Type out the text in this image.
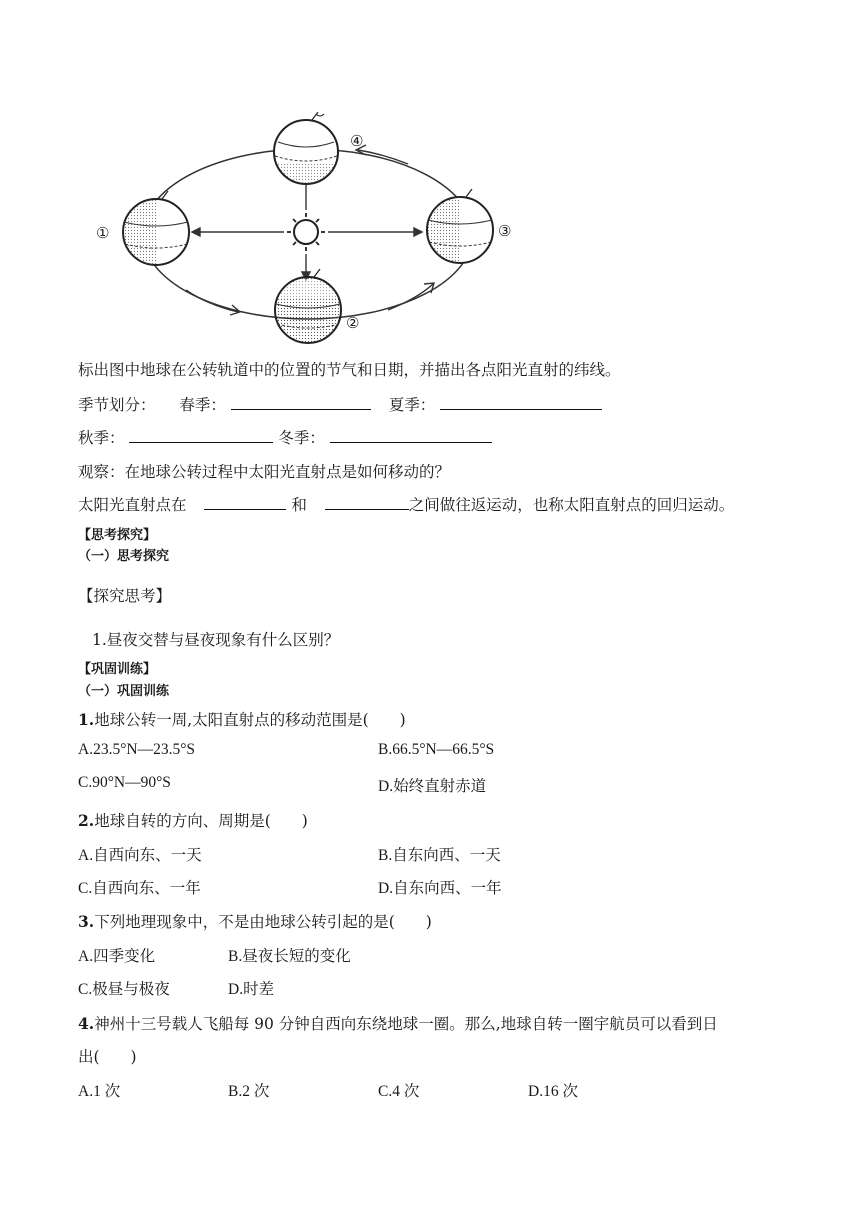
④
①	③
②
标出图中地球在公转轨道中的位置的节气和日期，并描出各点阳光直射的纬线。
季节划分： 春季：	夏季：
秋季：	冬季：
观察：在地球公转过程中太阳光直射点是如何移动的？
太阳光直射点在	和	之间做往返运动，也称太阳直射点的回归运动。
【思考探究】
（一）思考探究
【探究思考】
1.昼夜交替与昼夜现象有什么区别？
【巩固训练】
（一）巩固训练
1.地球公转一周,太阳直射点的移动范围是(　　)
A.23.5°N—23.5°S	B.66.5°N—66.5°S
C.90°N—90°S	D.始终直射赤道
2.地球自转的方向、周期是(　　)
A.自西向东、一天	B.自东向西、一天
C.自西向东、一年	D.自东向西、一年
3.下列地理现象中，不是由地球公转引起的是(　　)
A.四季变化	B.昼夜长短的变化
C.极昼与极夜	D.时差
4.神州十三号载人飞船每 90 分钟自西向东绕地球一圈。那么,地球自转一圈宇航员可以看到日
出(　　)
A.1 次	B.2 次	C.4 次	D.16 次
